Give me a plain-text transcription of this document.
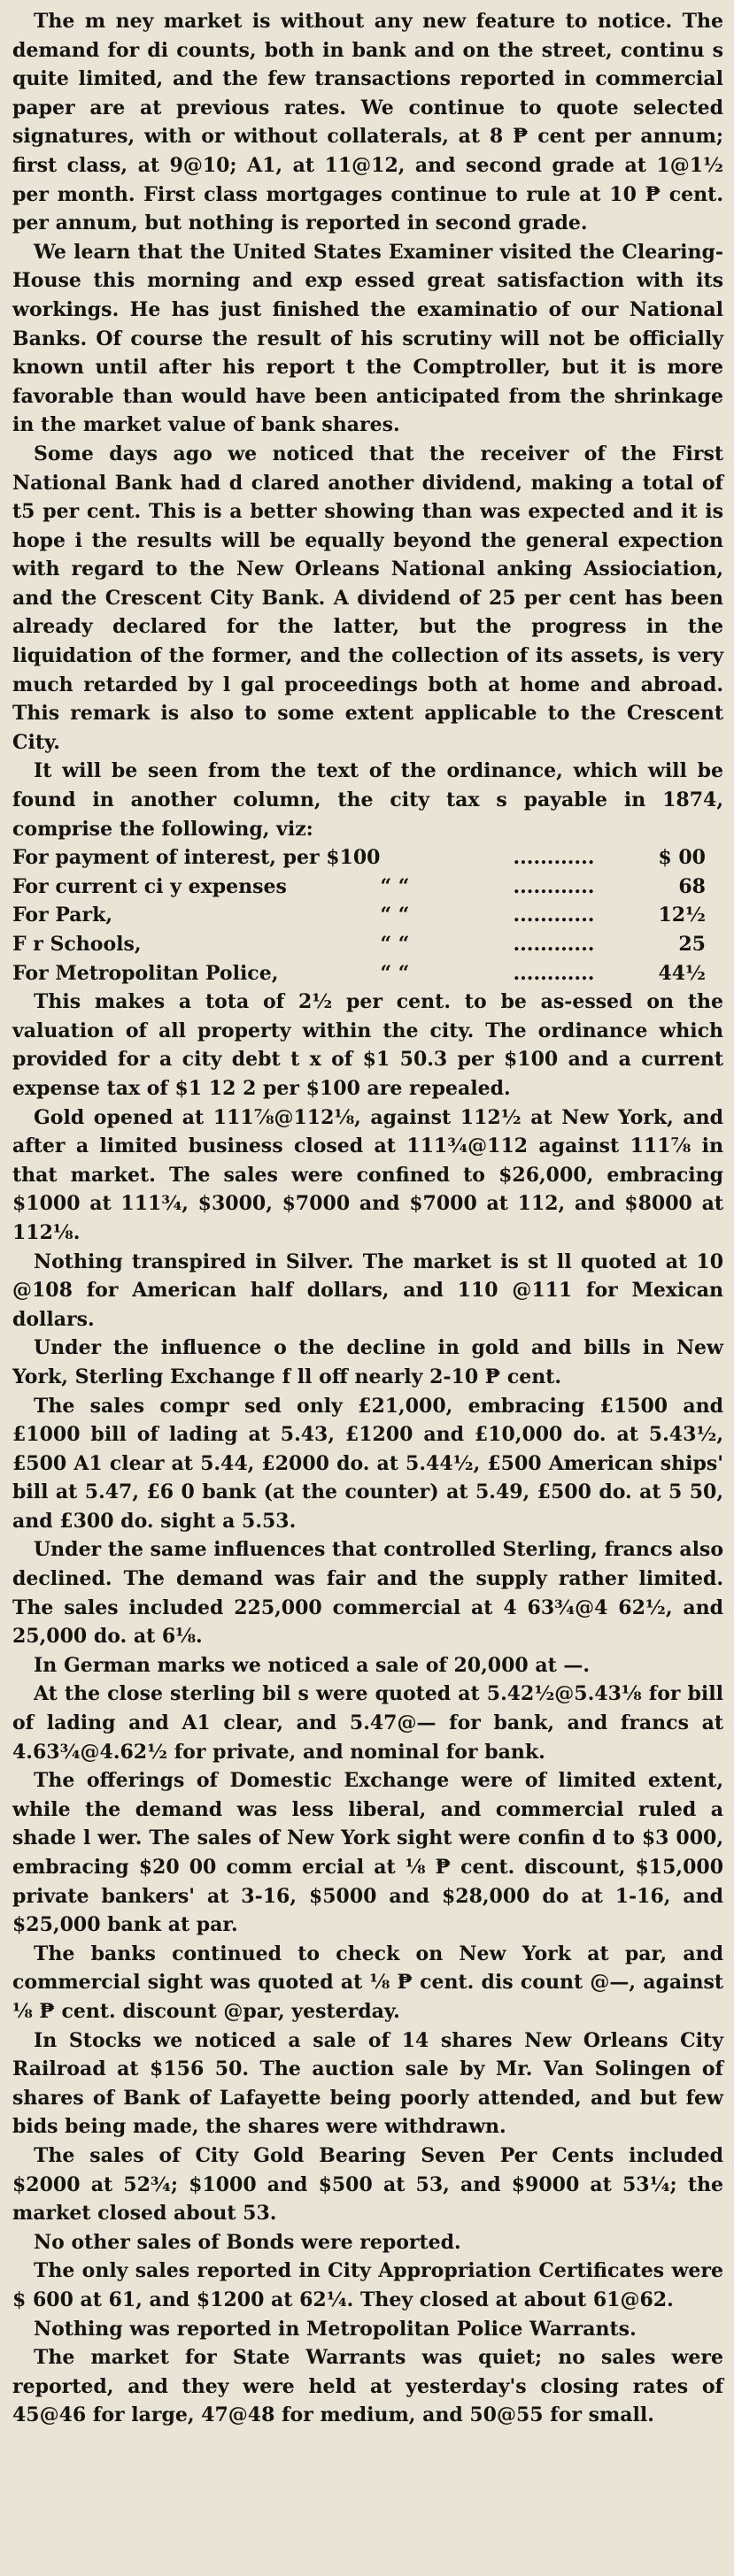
The m ney market is without any new feature to notice. The demand for di counts, both in bank and on the street, continu s quite limited, and the few transactions reported in commercial paper are at previous rates. We continue to quote selected signatures, with or without collaterals, at 8 ₱ cent per annum; first class, at 9@10; A1, at 11@12, and second grade at 1@1½ per month. First class mortgages continue to rule at 10 ₱ cent. per annum, but nothing is reported in second grade.

We learn that the United States Examiner visited the Clearing-House this morning and exp essed great satisfaction with its workings. He has just finished the examinatio of our National Banks. Of course the result of his scrutiny will not be officially known until after his report t the Comptroller, but it is more favorable than would have been anticipated from the shrinkage in the market value of bank shares.

Some days ago we noticed that the receiver of the First National Bank had d clared another dividend, making a total of t5 per cent. This is a better showing than was expected and it is hope i the results will be equally beyond the general expection with regard to the New Orleans National anking Assiociation, and the Crescent City Bank. A dividend of 25 per cent has been already declared for the latter, but the progress in the liquidation of the former, and the collection of its assets, is very much retarded by l gal proceedings both at home and abroad. This remark is also to some extent applicable to the Crescent City.

It will be seen from the text of the ordinance, which will be found in another column, the city tax s payable in 1874, comprise the following, viz:

For payment of interest, per $100		............	$ 00
For current ci y expenses	“ “	............	68
For Park,	“ “	............	12½
F r Schools,	“ “	............	25
For Metropolitan Police,	“ “	............	44½

This makes a tota of 2½ per cent. to be as-essed on the valuation of all property within the city. The ordinance which provided for a city debt t x of $1 50.3 per $100 and a current expense tax of $1 12 2 per $100 are repealed.

Gold opened at 111⅞@112⅛, against 112½ at New York, and after a limited business closed at 111¾@112 against 111⅞ in that market. The sales were confined to $26,000, embracing $1000 at 111¾, $3000, $7000 and $7000 at 112, and $8000 at 112⅛.

Nothing transpired in Silver. The market is st ll quoted at 10 @108 for American half dollars, and 110 @111 for Mexican dollars.

Under the influence o the decline in gold and bills in New York, Sterling Exchange f ll off nearly 2-10 ₱ cent.

The sales compr sed only £21,000, embracing £1500 and £1000 bill of lading at 5.43, £1200 and £10,000 do. at 5.43½, £500 A1 clear at 5.44, £2000 do. at 5.44½, £500 American ships' bill at 5.47, £6 0 bank (at the counter) at 5.49, £500 do. at 5 50, and £300 do. sight a 5.53.

Under the same influences that controlled Sterling, francs also declined. The demand was fair and the supply rather limited. The sales included 225,000 commercial at 4 63¾@4 62½, and 25,000 do. at 6⅛.

In German marks we noticed a sale of 20,000 at —.

At the close sterling bil s were quoted at 5.42½@5.43⅛ for bill of lading and A1 clear, and 5.47@— for bank, and francs at 4.63¾@4.62½ for private, and nominal for bank.

The offerings of Domestic Exchange were of limited extent, while the demand was less liberal, and commercial ruled a shade l wer. The sales of New York sight were confin d to $3 000, embracing $20 00 comm ercial at ⅛ ₱ cent. discount, $15,000 private bankers' at 3-16, $5000 and $28,000 do at 1-16, and $25,000 bank at par.

The banks continued to check on New York at par, and commercial sight was quoted at ⅛ ₱ cent. dis count @—, against ⅛ ₱ cent. discount @par, yesterday.

In Stocks we noticed a sale of 14 shares New Orleans City Railroad at $156 50. The auction sale by Mr. Van Solingen of shares of Bank of Lafayette being poorly attended, and but few bids being made, the shares were withdrawn.

The sales of City Gold Bearing Seven Per Cents included $2000 at 52¾; $1000 and $500 at 53, and $9000 at 53¼; the market closed about 53.

No other sales of Bonds were reported.

The only sales reported in City Appropriation Certificates were $ 600 at 61, and $1200 at 62¼. They closed at about 61@62.

Nothing was reported in Metropolitan Police Warrants.

The market for State Warrants was quiet; no sales were reported, and they were held at yesterday's closing rates of 45@46 for large, 47@48 for medium, and 50@55 for small.
